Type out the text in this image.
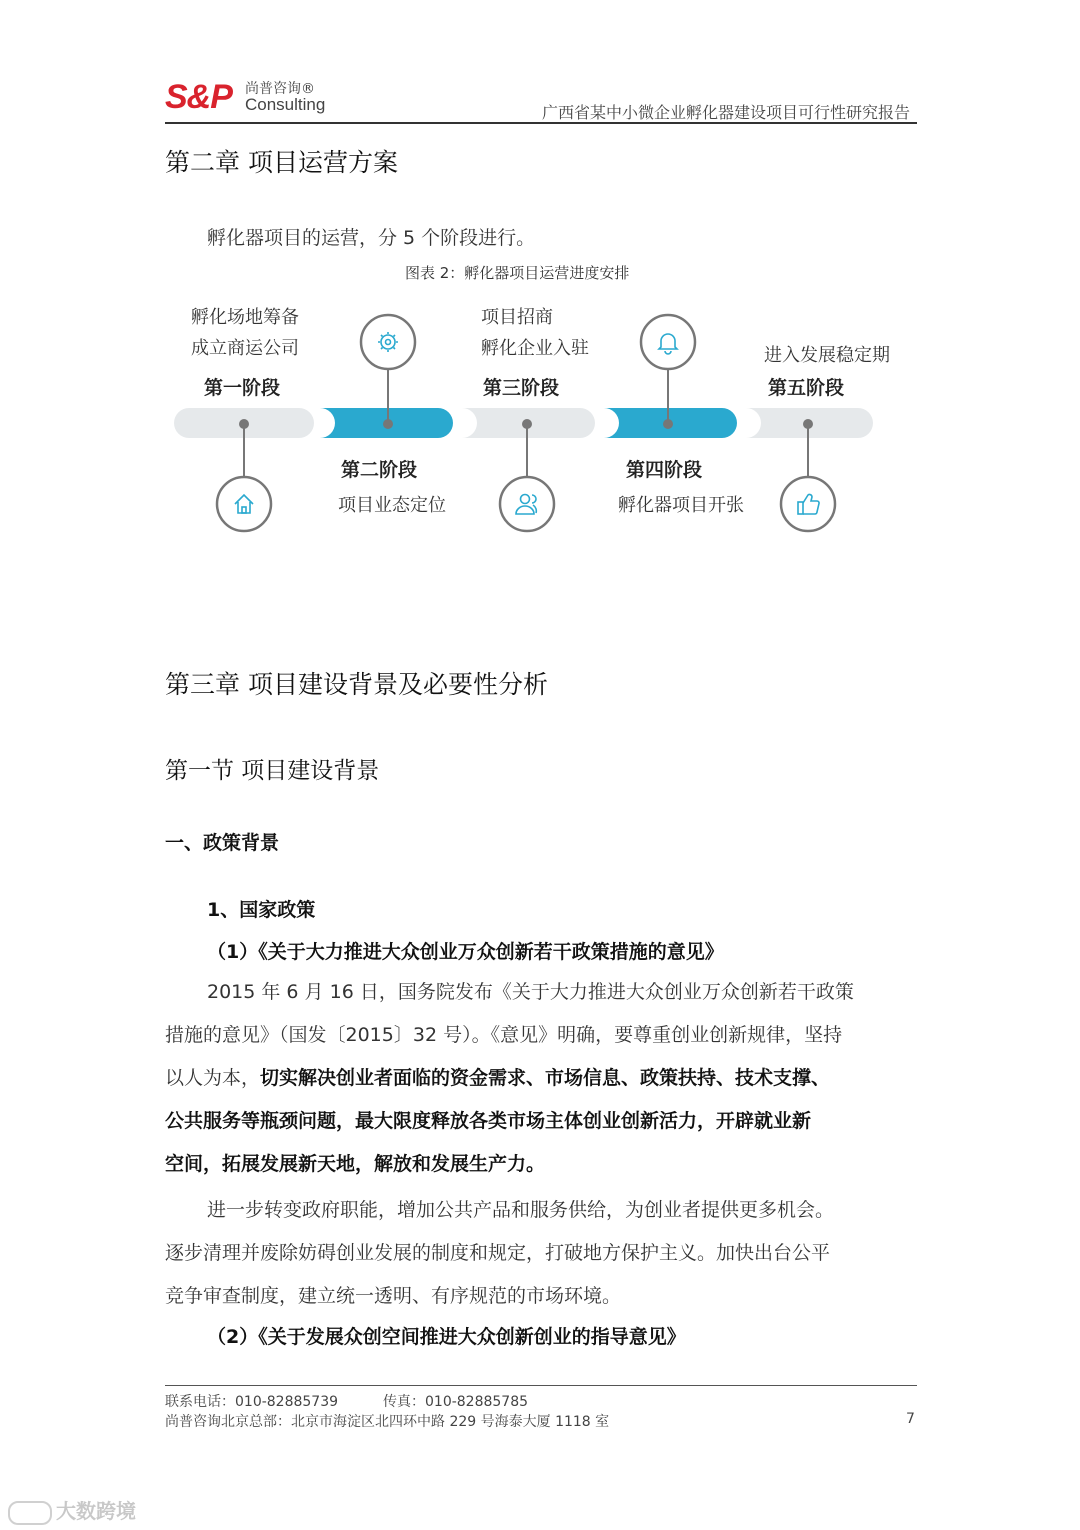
S&P 尚普咨询®
Consulting	广西省某中小微企业孵化器建设项目可行性研究报告
第二章 项目运营方案
孵化器项目的运营，分 5 个阶段进行。
图表 2：孵化器项目运营进度安排
孵化场地筹备
成立商运公司
第一阶段
第二阶段
项目业态定位
项目招商
孵化企业入驻
第三阶段
第四阶段
孵化器项目开张
进入发展稳定期
第五阶段
第三章 项目建设背景及必要性分析
第一节 项目建设背景
一、政策背景
1、国家政策
（1）《关于大力推进大众创业万众创新若干政策措施的意见》
2015 年 6 月 16 日，国务院发布《关于大力推进大众创业万众创新若干政策
措施的意见》（国发〔2015〕32 号）。《意见》明确，要尊重创业创新规律，坚持
以人为本，切实解决创业者面临的资金需求、市场信息、政策扶持、技术支撑、
公共服务等瓶颈问题，最大限度释放各类市场主体创业创新活力，开辟就业新
空间，拓展发展新天地，解放和发展生产力。
进一步转变政府职能，增加公共产品和服务供给，为创业者提供更多机会。
逐步清理并废除妨碍创业发展的制度和规定，打破地方保护主义。加快出台公平
竞争审查制度，建立统一透明、有序规范的市场环境。
（2）《关于发展众创空间推进大众创新创业的指导意见》
联系电话：010-82885739	传真：010-82885785
尚普咨询北京总部：北京市海淀区北四环中路 229 号海泰大厦 1118 室	7
大数跨境
